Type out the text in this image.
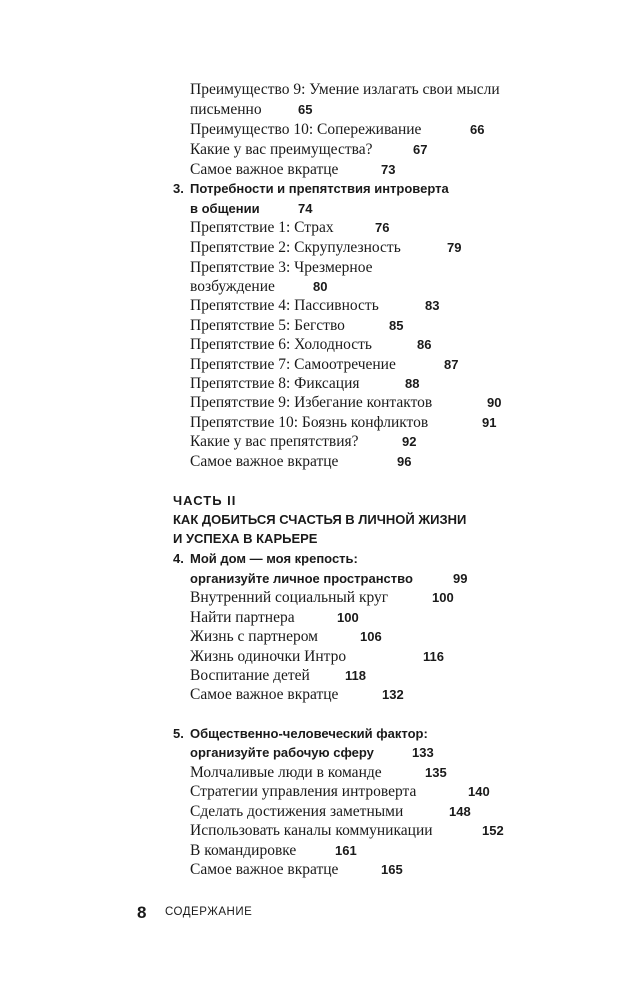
Преимущество 9: Умение излагать свои мысли
письменно	65
Преимущество 10: Сопереживание	66
Какие у вас преимущества?	67
Самое важное вкратце	73
3. Потребности и препятствия интроверта
в общении	74
Препятствие 1: Страх	76
Препятствие 2: Скрупулезность	79
Препятствие 3: Чрезмерное
возбуждение	80
Препятствие 4: Пассивность	83
Препятствие 5: Бегство	85
Препятствие 6: Холодность	86
Препятствие 7: Самоотречение	87
Препятствие 8: Фиксация	88
Препятствие 9: Избегание контактов	90
Препятствие 10: Боязнь конфликтов	91
Какие у вас препятствия?	92
Самое важное вкратце	96
ЧАСТЬ II
КАК ДОБИТЬСЯ СЧАСТЬЯ В ЛИЧНОЙ ЖИЗНИ
И УСПЕХА В КАРЬЕРЕ
4. Мой дом — моя крепость:
организуйте личное пространство	99
Внутренний социальный круг	100
Найти партнера	100
Жизнь с партнером	106
Жизнь одиночки Интро	116
Воспитание детей	118
Самое важное вкратце	132
5. Общественно-человеческий фактор:
организуйте рабочую сферу	133
Молчаливые люди в команде	135
Стратегии управления интроверта	140
Сделать достижения заметными	148
Использовать каналы коммуникации	152
В командировке	161
Самое важное вкратце	165
8 СОДЕРЖАНИЕ
